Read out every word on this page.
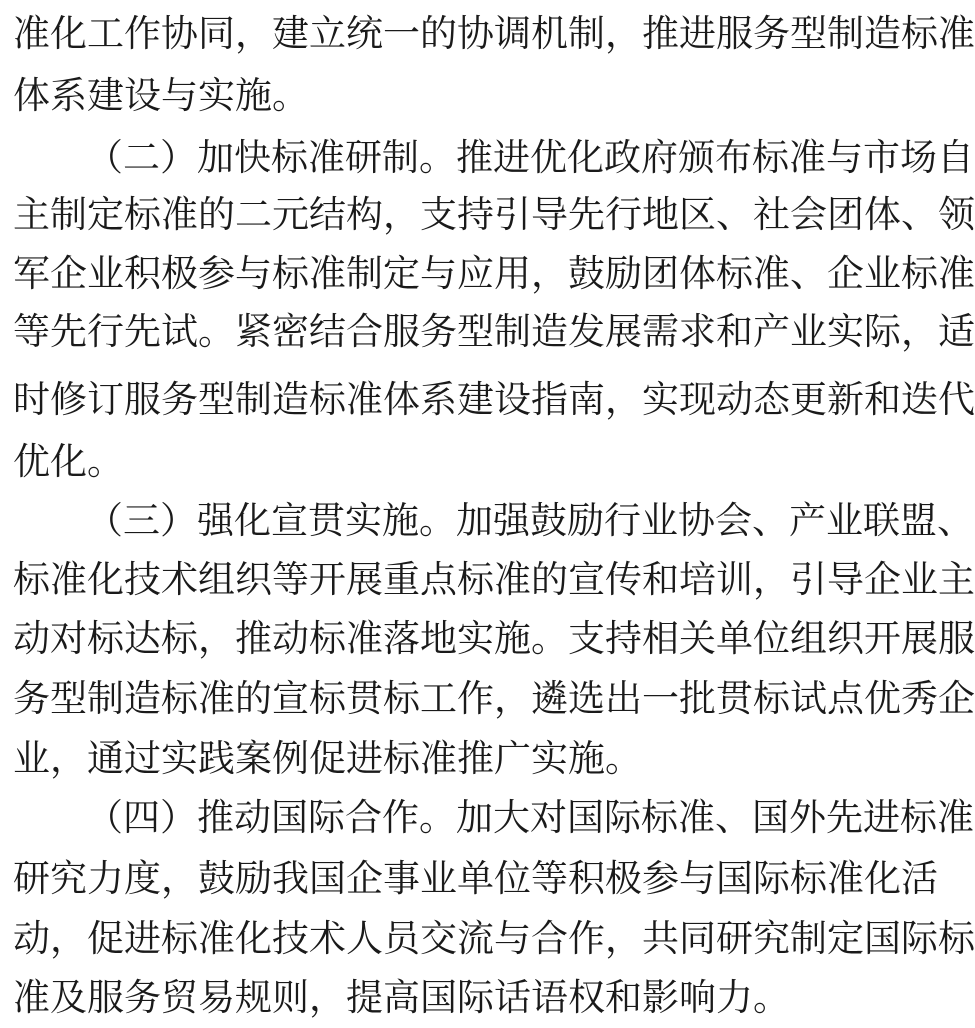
准 化 工 作 协 同 ， 建 立 统 一 的 协 调 机 制 ， 推 进 服 务 型 制 造 标 准
体系建设与实施。
（ 二 ） 加 快 标 准 研 制 。 推 进 优 化 政 府 颁 布 标 准 与 市 场 自
主 制 定 标 准 的 二 元 结 构 ， 支 持 引 导 先 行 地 区 、 社 会 团 体 、 领
军 企 业 积 极 参 与 标 准 制 定 与 应 用 ， 鼓 励 团 体 标 准 、 企 业 标 准
等 先 行 先 试 。 紧 密 结 合 服 务 型 制 造 发 展 需 求 和 产 业 实 际 ， 适
时 修 订 服 务 型 制 造 标 准 体 系 建 设 指 南 ， 实 现 动 态 更 新 和 迭 代
优化。
（ 三 ） 强 化 宣 贯 实 施 。 加 强 鼓 励 行 业 协 会 、 产 业 联 盟 、
标 准 化 技 术 组 织 等 开 展 重 点 标 准 的 宣 传 和 培 训 ， 引 导 企 业 主
动 对 标 达 标 ， 推 动 标 准 落 地 实 施 。 支 持 相 关 单 位 组 织 开 展 服
务 型 制 造 标 准 的 宣 标 贯 标 工 作 ， 遴 选 出 一 批 贯 标 试 点 优 秀 企
业，通过实践案例促进标准推广实施。
（ 四 ） 推 动 国 际 合 作 。 加 大 对 国 际 标 准 、 国 外 先 进 标 准
研 究 力 度 ， 鼓 励 我 国 企 事 业 单 位 等 积 极 参 与 国 际 标 准 化 活
动 ， 促 进 标 准 化 技 术 人 员 交 流 与 合 作 ， 共 同 研 究 制 定 国 际 标
准及服务贸易规则，提高国际话语权和影响力。
